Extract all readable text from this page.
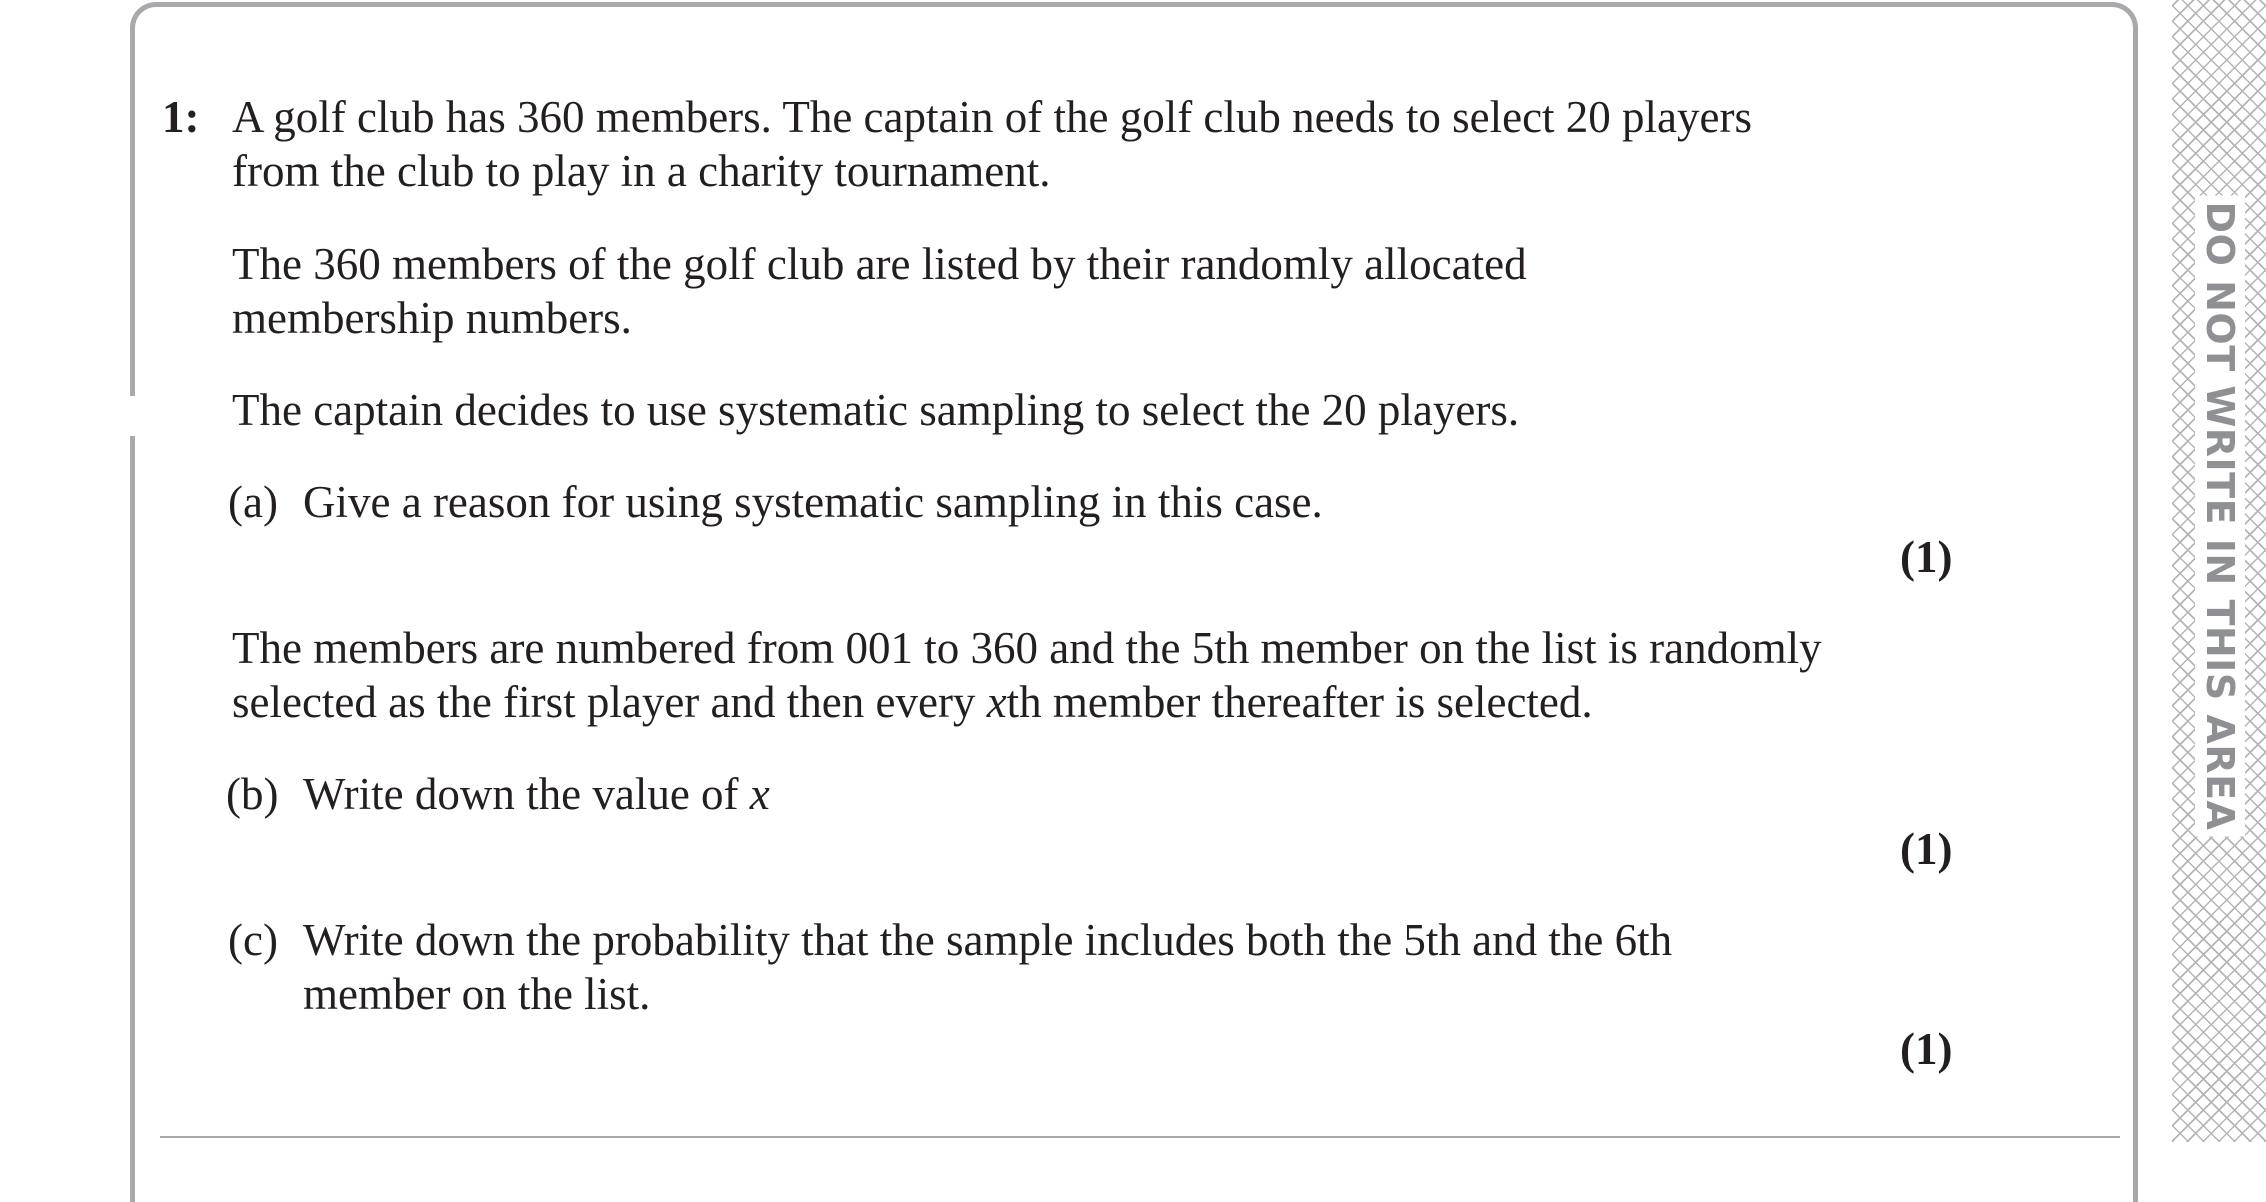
1: A golf club has 360 members. The captain of the golf club needs to select 20 players
from the club to play in a charity tournament.
The 360 members of the golf club are listed by their randomly allocated
membership numbers.
The captain decides to use systematic sampling to select the 20 players.
(a) Give a reason for using systematic sampling in this case.
(1)
The members are numbered from 001 to 360 and the 5th member on the list is randomly
selected as the first player and then every xth member thereafter is selected.
(b) Write down the value of x
(1)
(c) Write down the probability that the sample includes both the 5th and the 6th
member on the list.
(1)
DO NOT WRITE IN THIS AREA
